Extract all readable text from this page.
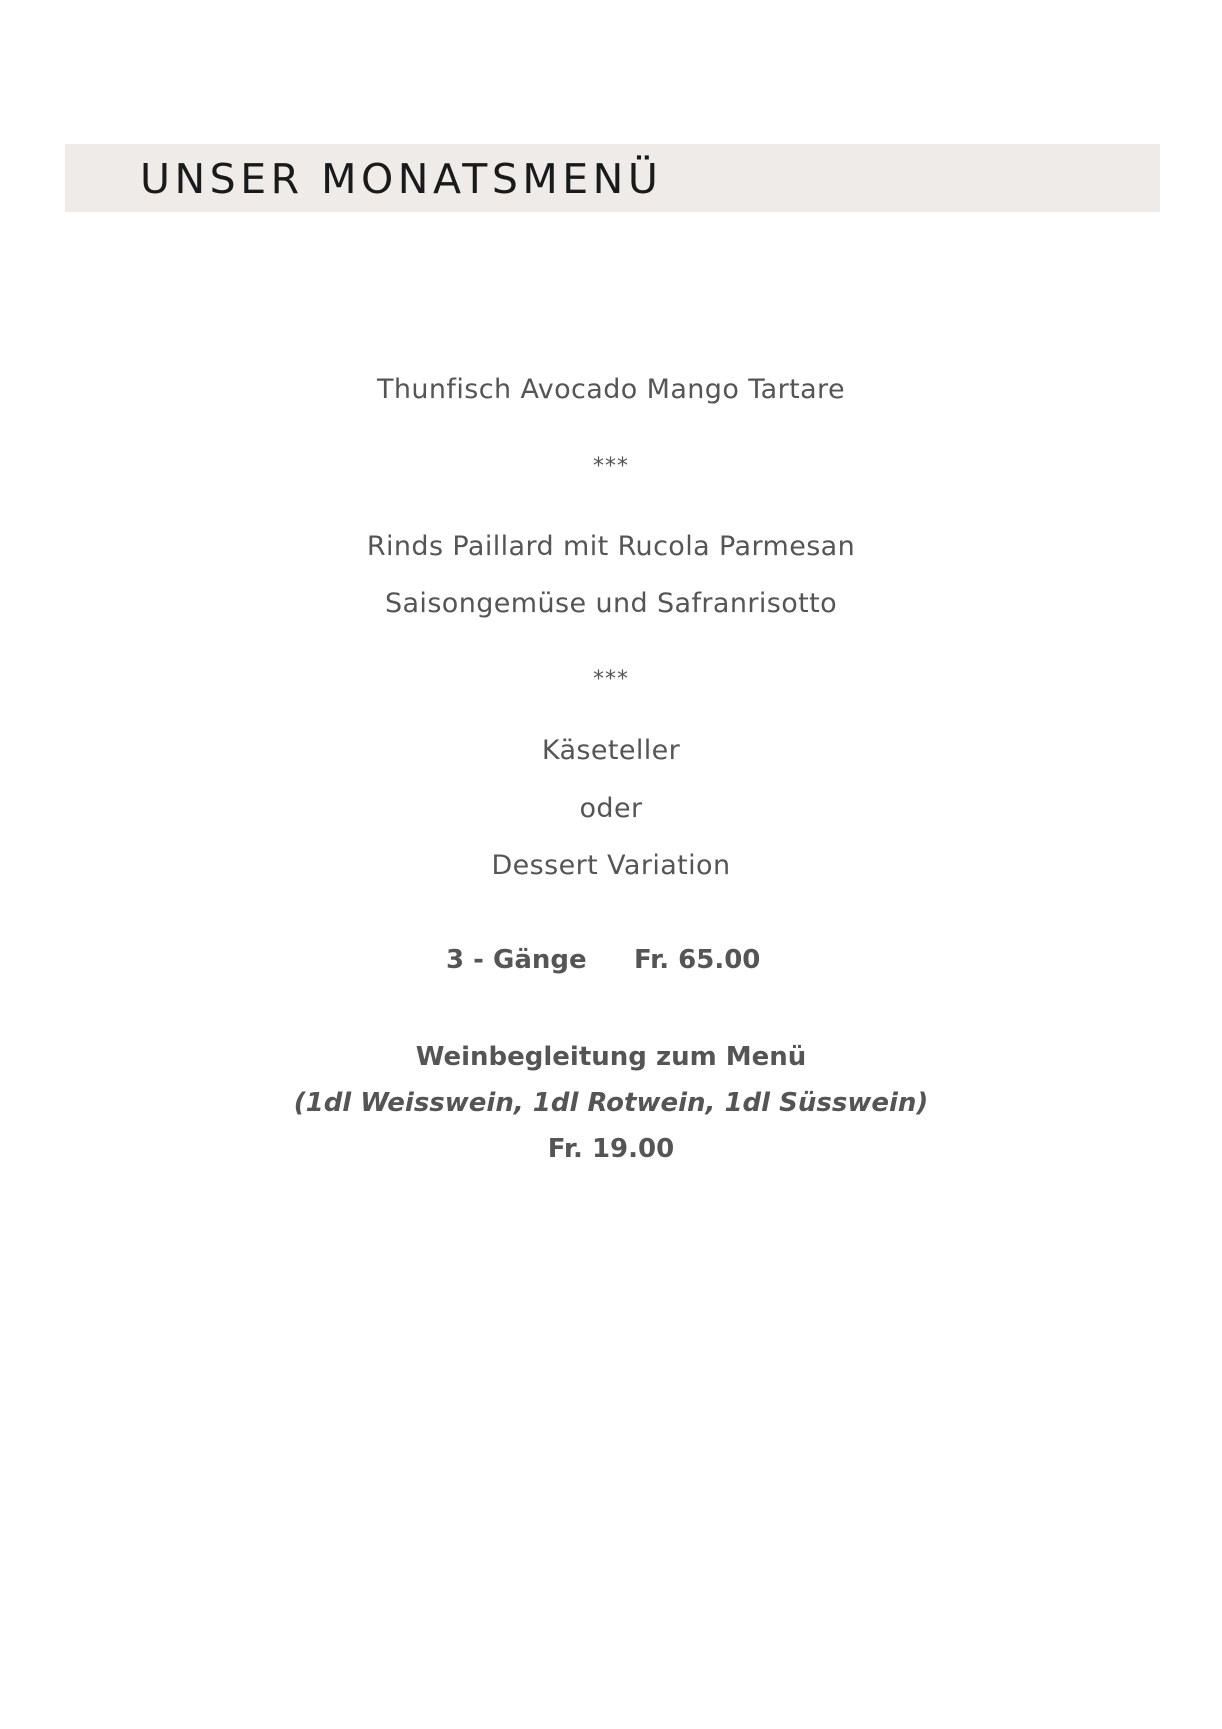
UNSER MONATSMENÜ
Thunfisch Avocado Mango Tartare
***
Rinds Paillard mit Rucola Parmesan
Saisongemüse und Safranrisotto
***
Käseteller
oder
Dessert Variation
3 - Gänge Fr. 65.00
Weinbegleitung zum Menü
(1dl Weisswein, 1dl Rotwein, 1dl Süsswein)
Fr. 19.00
